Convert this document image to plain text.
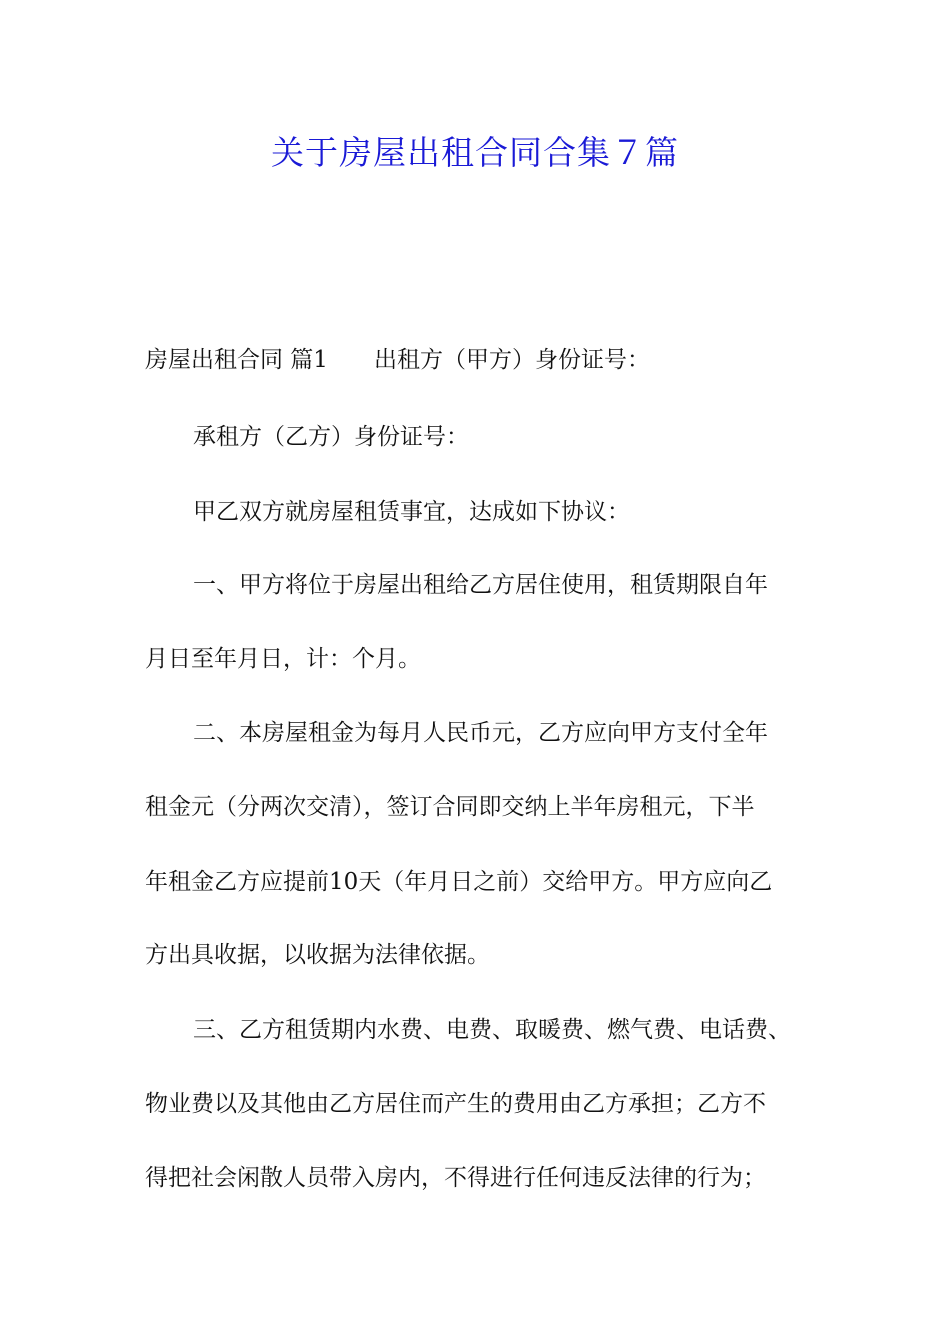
关于房屋出租合同合集７篇
房屋出租合同 篇1 出租方（甲方）身份证号：
承租方（乙方）身份证号：
甲乙双方就房屋租赁事宜，达成如下协议：
一、甲方将位于房屋出租给乙方居住使用，租赁期限自年
月日至年月日，计：个月。
二、本房屋租金为每月人民币元，乙方应向甲方支付全年
租金元（分两次交清），签订合同即交纳上半年房租元，下半
年租金乙方应提前10天（年月日之前）交给甲方。甲方应向乙
方出具收据，以收据为法律依据。
三、乙方租赁期内水费、电费、取暖费、燃气费、电话费、
物业费以及其他由乙方居住而产生的费用由乙方承担；乙方不
得把社会闲散人员带入房内，不得进行任何违反法律的行为；
